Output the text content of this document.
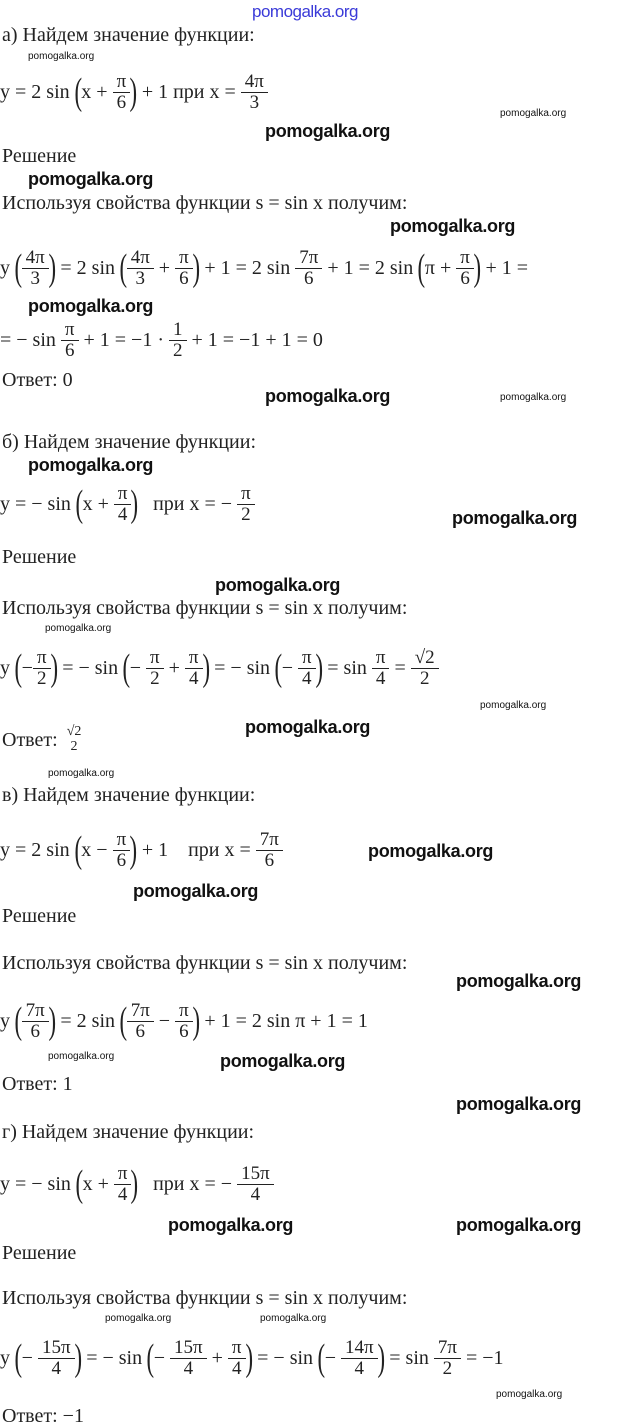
pomogalka.org
а) Найдем значение функции:
pomogalka.org
y = 2 sin ( $x + \frac{\pi}{6}$ ) + 1 при $x = \frac{4\pi}{3}$
pomogalka.org
pomogalka.org
Решение
pomogalka.org
Используя свойства функции s = sin x получим:
pomogalka.org
y ( $\frac{4\pi}{3}$ ) = 2 sin ( $\frac{4\pi}{3} + \frac{\pi}{6}$ ) + 1 = 2 $\sin \frac{7\pi}{6} + 1 = 2$ sin ( $\pi + \frac{\pi}{6}$ ) + 1 =
pomogalka.org
= − $\sin \frac{\pi}{6} + 1 = -1 \cdot \frac{1}{2} + 1 = -1 + 1 = 0$
Ответ: 0
pomogalka.org	pomogalka.org
б) Найдем значение функции:
pomogalka.org
y = − sin ( $x + \frac{\pi}{4}$ ) при x = − $\frac{\pi}{2}$	pomogalka.org
Решение
pomogalka.org
Используя свойства функции s = sin x получим:
pomogalka.org
y ( − $\frac{\pi}{2}$ ) = − sin ( − $\frac{\pi}{2} + \frac{\pi}{4}$ ) = − sin ( − $\frac{\pi}{4}$ ) = $\sin \frac{\pi}{4} = \frac{√2}{2}$
pomogalka.org
pomogalka.org
Ответ: √2
2
pomogalka.org
в) Найдем значение функции:
y = 2 sin ( $x - \frac{\pi}{6}$ ) + 1    при $x = \frac{7\pi}{6}$	pomogalka.org
pomogalka.org
Решение
Используя свойства функции s = sin x получим:
pomogalka.org
y ( $\frac{7\pi}{6}$ ) = 2 sin ( $\frac{7\pi}{6} - \frac{\pi}{6}$ ) + 1 = 2 sin π + 1 = 1
pomogalka.org	pomogalka.org
Ответ: 1
pomogalka.org
г) Найдем значение функции:
y = − sin ( $x + \frac{\pi}{4}$ ) при x = − $\frac{15\pi}{4}$
pomogalka.org	pomogalka.org
Решение
Используя свойства функции s = sin x получим:
pomogalka.org	pomogalka.org
y ( − $\frac{15\pi}{4}$ ) = − sin ( − $\frac{15\pi}{4} + \frac{\pi}{4}$ ) = − sin ( − $\frac{14\pi}{4}$ ) = $\sin \frac{7\pi}{2} = -1$
pomogalka.org
Ответ: −1
